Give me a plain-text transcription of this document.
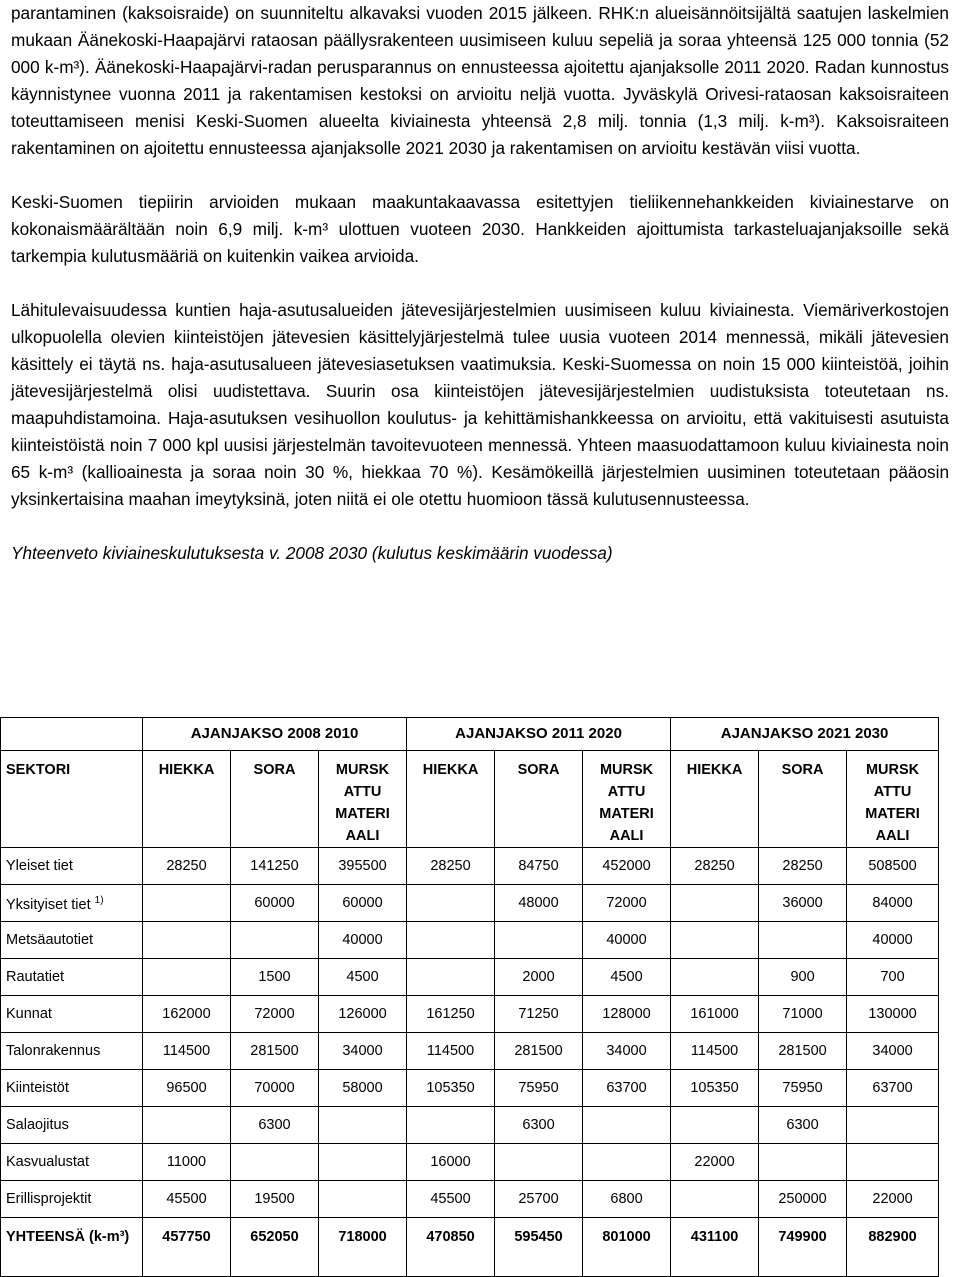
parantaminen (kaksoisraide) on suunniteltu alkavaksi vuoden 2015 jälkeen. RHK:n alueisännöitsijältä saatujen laskelmien mukaan Äänekoski-Haapajärvi rataosan päällysrakenteen uusimiseen kuluu sepeliä ja soraa yhteensä 125 000 tonnia (52 000 k-m³). Äänekoski-Haapajärvi-radan perusparannus on ennusteessa ajoitettu ajanjaksolle 2011 2020. Radan kunnostus käynnistynee vuonna 2011 ja rakentamisen kestoksi on arvioitu neljä vuotta. Jyväskylä Orivesi-rataosan kaksoisraiteen toteuttamiseen menisi Keski-Suomen alueelta kiviainesta yhteensä 2,8 milj. tonnia (1,3 milj. k-m³). Kaksoisraiteen rakentaminen on ajoitettu ennusteessa ajanjaksolle 2021 2030 ja rakentamisen on arvioitu kestävän viisi vuotta.

Keski-Suomen tiepiirin arvioiden mukaan maakuntakaavassa esitettyjen tieliikennehankkeiden kiviainestarve on kokonaismäärältään noin 6,9 milj. k-m³ ulottuen vuoteen 2030. Hankkeiden ajoittumista tarkasteluajanjaksoille sekä tarkempia kulutusmääriä on kuitenkin vaikea arvioida.

Lähitulevaisuudessa kuntien haja-asutusalueiden jätevesijärjestelmien uusimiseen kuluu kiviainesta. Viemäriverkostojen ulkopuolella olevien kiinteistöjen jätevesien käsittelyjärjestelmä tulee uusia vuoteen 2014 mennessä, mikäli jätevesien käsittely ei täytä ns. haja-asutusalueen jätevesiasetuksen vaatimuksia. Keski-Suomessa on noin 15 000 kiinteistöä, joihin jätevesijärjestelmä olisi uudistettava. Suurin osa kiinteistöjen jätevesijärjestelmien uudistuksista toteutetaan ns. maapuhdistamoina. Haja-asutuksen vesihuollon koulutus- ja kehittämishankkeessa on arvioitu, että vakituisesti asutuista kiinteistöistä noin 7 000 kpl uusisi järjestelmän tavoitevuoteen mennessä. Yhteen maasuodattamoon kuluu kiviainesta noin 65 k-m³ (kallioainesta ja soraa noin 30 %, hiekkaa 70 %). Kesämökeillä järjestelmien uusiminen toteutetaan pääosin yksinkertaisina maahan imeytyksinä, joten niitä ei ole otettu huomioon tässä kulutusennusteessa.

Yhteenveto kiviaineskulutuksesta v. 2008 2030 (kulutus keskimäärin vuodessa)

	AJANJAKSO 2008 2010			AJANJAKSO 2011 2020			AJANJAKSO 2021 2030		
SEKTORI	HIEKKA	SORA	MURSK ATTU MATERI AALI	HIEKKA	SORA	MURSK ATTU MATERI AALI	HIEKKA	SORA	MURSK ATTU MATERI AALI
Yleiset tiet	28250	141250	395500	28250	84750	452000	28250	28250	508500
Yksityiset tiet $^{1)}$		60000	60000		48000	72000		36000	84000
Metsäautotiet			40000			40000			40000
Rautatiet		1500	4500		2000	4500		900	700
Kunnat	162000	72000	126000	161250	71250	128000	161000	71000	130000
Talonrakennus	114500	281500	34000	114500	281500	34000	114500	281500	34000
Kiinteistöt	96500	70000	58000	105350	75950	63700	105350	75950	63700
Salaojitus		6300			6300			6300	
Kasvualustat	11000			16000			22000		
Erillisprojektit	45500	19500		45500	25700	6800		250000	22000
YHTEENSÄ (k-m³)	457750	652050	718000	470850	595450	801000	431100	749900	882900
